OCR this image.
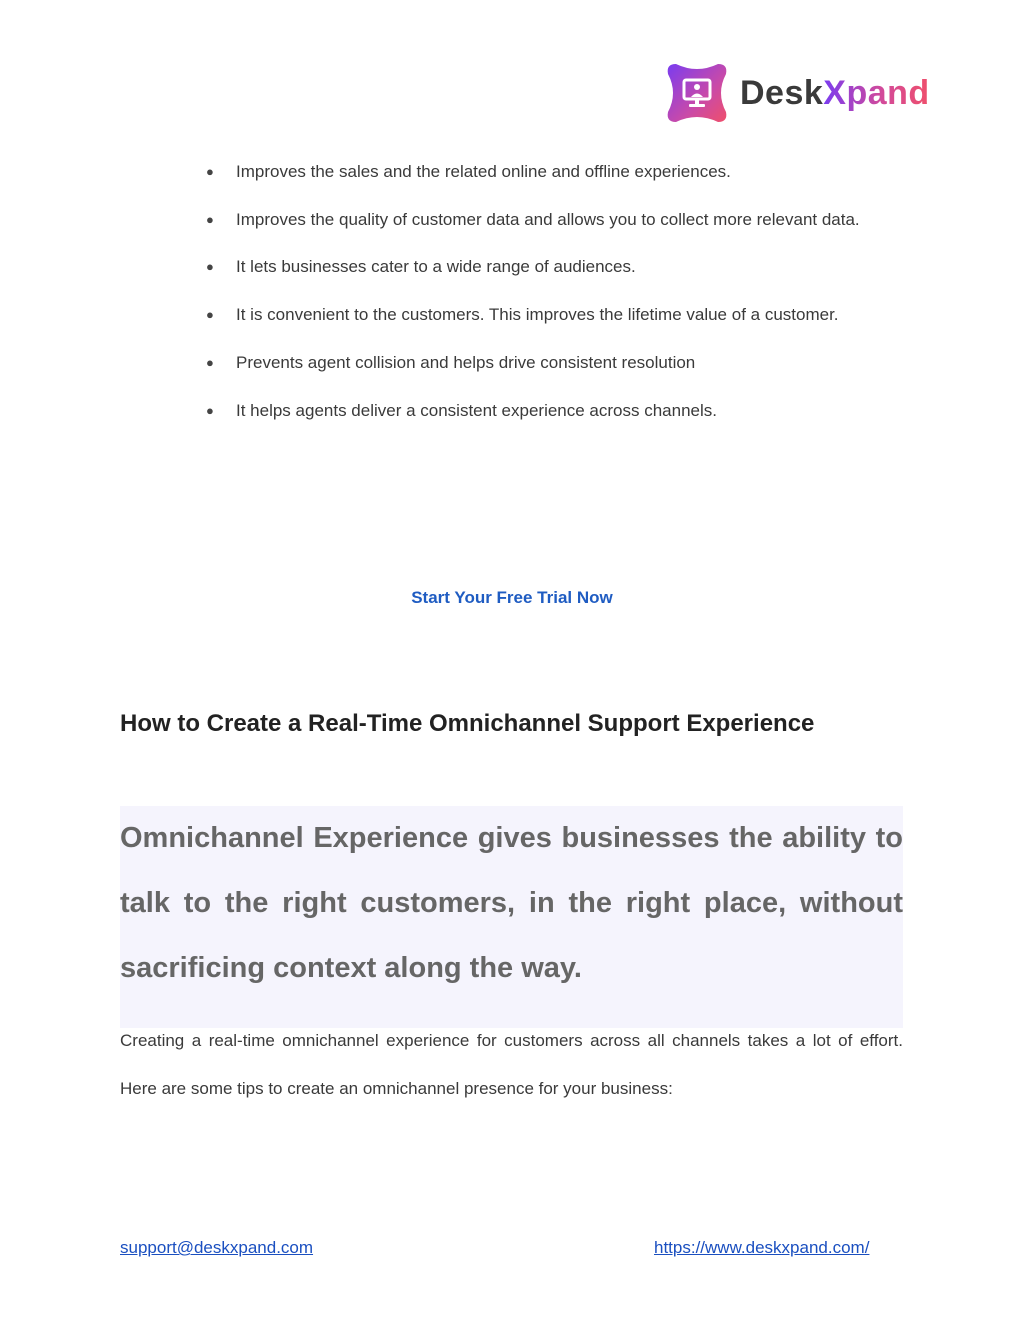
DeskXpand
● Improves the sales and the related online and offline experiences.
● Improves the quality of customer data and allows you to collect more relevant data.
● It lets businesses cater to a wide range of audiences.
● It is convenient to the customers. This improves the lifetime value of a customer.
● Prevents agent collision and helps drive consistent resolution
● It helps agents deliver a consistent experience across channels.
Start Your Free Trial Now
How to Create a Real-Time Omnichannel Support Experience

Omnichannel Experience gives businesses the ability to talk to the right customers, in the right place, without sacrificing context along the way.

Creating a real-time omnichannel experience for customers across all channels takes a lot of effort. Here are some tips to create an omnichannel presence for your business:

support@deskxpand.com	https://www.deskxpand.com/
